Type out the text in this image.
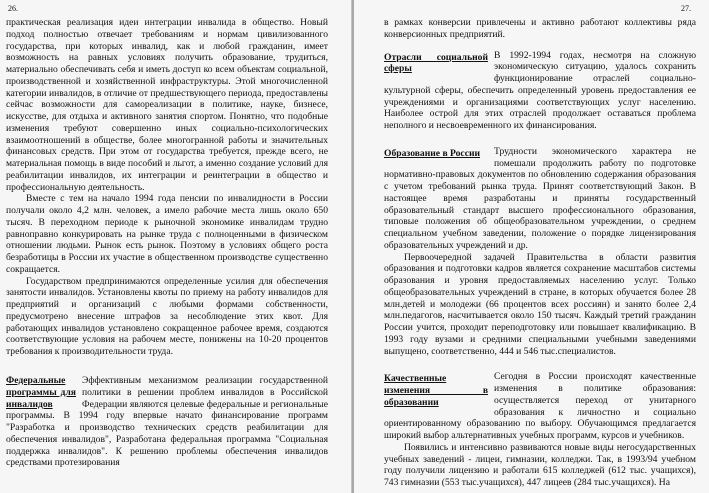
26.

практическая реализация идеи интеграции инвалида в общество. Новый подход полностью отвечает требованиям и нормам цивилизованного государства, при которых инвалид, как и любой гражданин, имеет возможность на равных условиях получить образование, трудиться, материально обеспечивать себя и иметь доступ ко всем объектам социальной, производственной и хозяйственной инфраструктуры. Этой многочисленной категории инвалидов, в отличие от предшествующего периода, предоставлены сейчас возможности для самореализации в политике, науке, бизнесе, искусстве, для отдыха и активного занятия спортом. Понятно, что подобные изменения требуют совершенно иных социально-психологических взаимоотношений в обществе, более многогранной работы и значительных финансовых средств. При этом от государства требуется, прежде всего, не материальная помощь в виде пособий и льгот, а именно создание условий для реабилитации инвалидов, их интеграции и реинтеграции в общество и профессиональную деятельность.

Вместе с тем на начало 1994 года пенсии по инвалидности в России получали около 4,2 млн. человек, а имело рабочие места лишь около 650 тысяч. В переходном периоде к рыночной экономике инвалидам трудно равноправно конкурировать на рынке труда с полноценными в физическом отношении людьми. Рынок есть рынок. Поэтому в условиях общего роста безработицы в России их участие в общественном производстве существенно сокращается.

Государством предпринимаются определенные усилия для обеспечения занятости инвалидов. Установлены квоты по приему на работу инвалидов для предприятий и организаций с любыми формами собственности, предусмотрено внесение штрафов за несоблюдение этих квот. Для работающих инвалидов установлено сокращенное рабочее время, создаются соответствующие условия на рабочем месте, понижены на 10-20 процентов требования к производительности труда.

Федеральные программы для инвалидов

Эффективным механизмом реализации государственной политики в решении проблем инвалидов в Российской Федерации являются целевые федеральные и региональные программы. В 1994 году впервые начато финансирование программ "Разработка и производство технических средств реабилитации для обеспечения инвалидов", Разработана федеральная программа "Социальная поддержка инвалидов". К решению проблемы обеспечения инвалидов средствами протезирования

27.

в рамках конверсии привлечены и активно работают коллективы ряда конверсионных предприятий.

Отрасли социальной сферы

В 1992-1994 годах, несмотря на сложную экономическую ситуацию, удалось сохранить функционирование отраслей социально-культурной сферы, обеспечить определенный уровень предоставления ее учреждениями и организациями соответствующих услуг населению. Наиболее острой для этих отраслей продолжает оставаться проблема неполного и несвоевременного их финансирования.

Образование в России	Трудности экономического характера не помешали продолжить работу по подготовке нормативно-правовых документов по обновлению содержания образования с учетом требований рынка труда. Принят соответствующий Закон. В настоящее время разработаны и приняты государственный образовательный стандарт высшего профессионального образования, типовые положения об общеобразовательном учреждении, о среднем специальном учебном заведении, положение о порядке лицензирования образовательных учреждений и др.

Первоочередной задачей Правительства в области развития образования и подготовки кадров является сохранение масштабов системы образования и уровня предоставляемых населению услуг. Только общеобразовательных учреждений в стране, в которых обучается более 28 млн.детей и молодежи (66 процентов всех россиян) и занято более 2,4 млн.педагогов, насчитывается около 150 тысяч. Каждый третий гражданин России учится, проходит переподготовку или повышает квалификацию. В 1993 году вузами и средними специальными учебными заведениями выпущено, соответственно, 444 и 546 тыс.специалистов.

Качественные изменения в образовании

Сегодня в России происходят качественные изменения в политике образования: осуществляется переход от унитарного образования к личностно и социально ориентированному образованию по выбору. Обучающимся предлагается широкий выбор альтернативных учебных программ, курсов и учебников.

Появились и интенсивно развиваются новые виды негосударственных учебных заведений - лицеи, гимназии, колледжи. Так, в 1993/94 учебном году получили лицензию и работали 615 колледжей (612 тыс. учащихся), 743 гимназии (553 тыс.учащихся), 447 лицеев (284 тыс.учащихся). На
